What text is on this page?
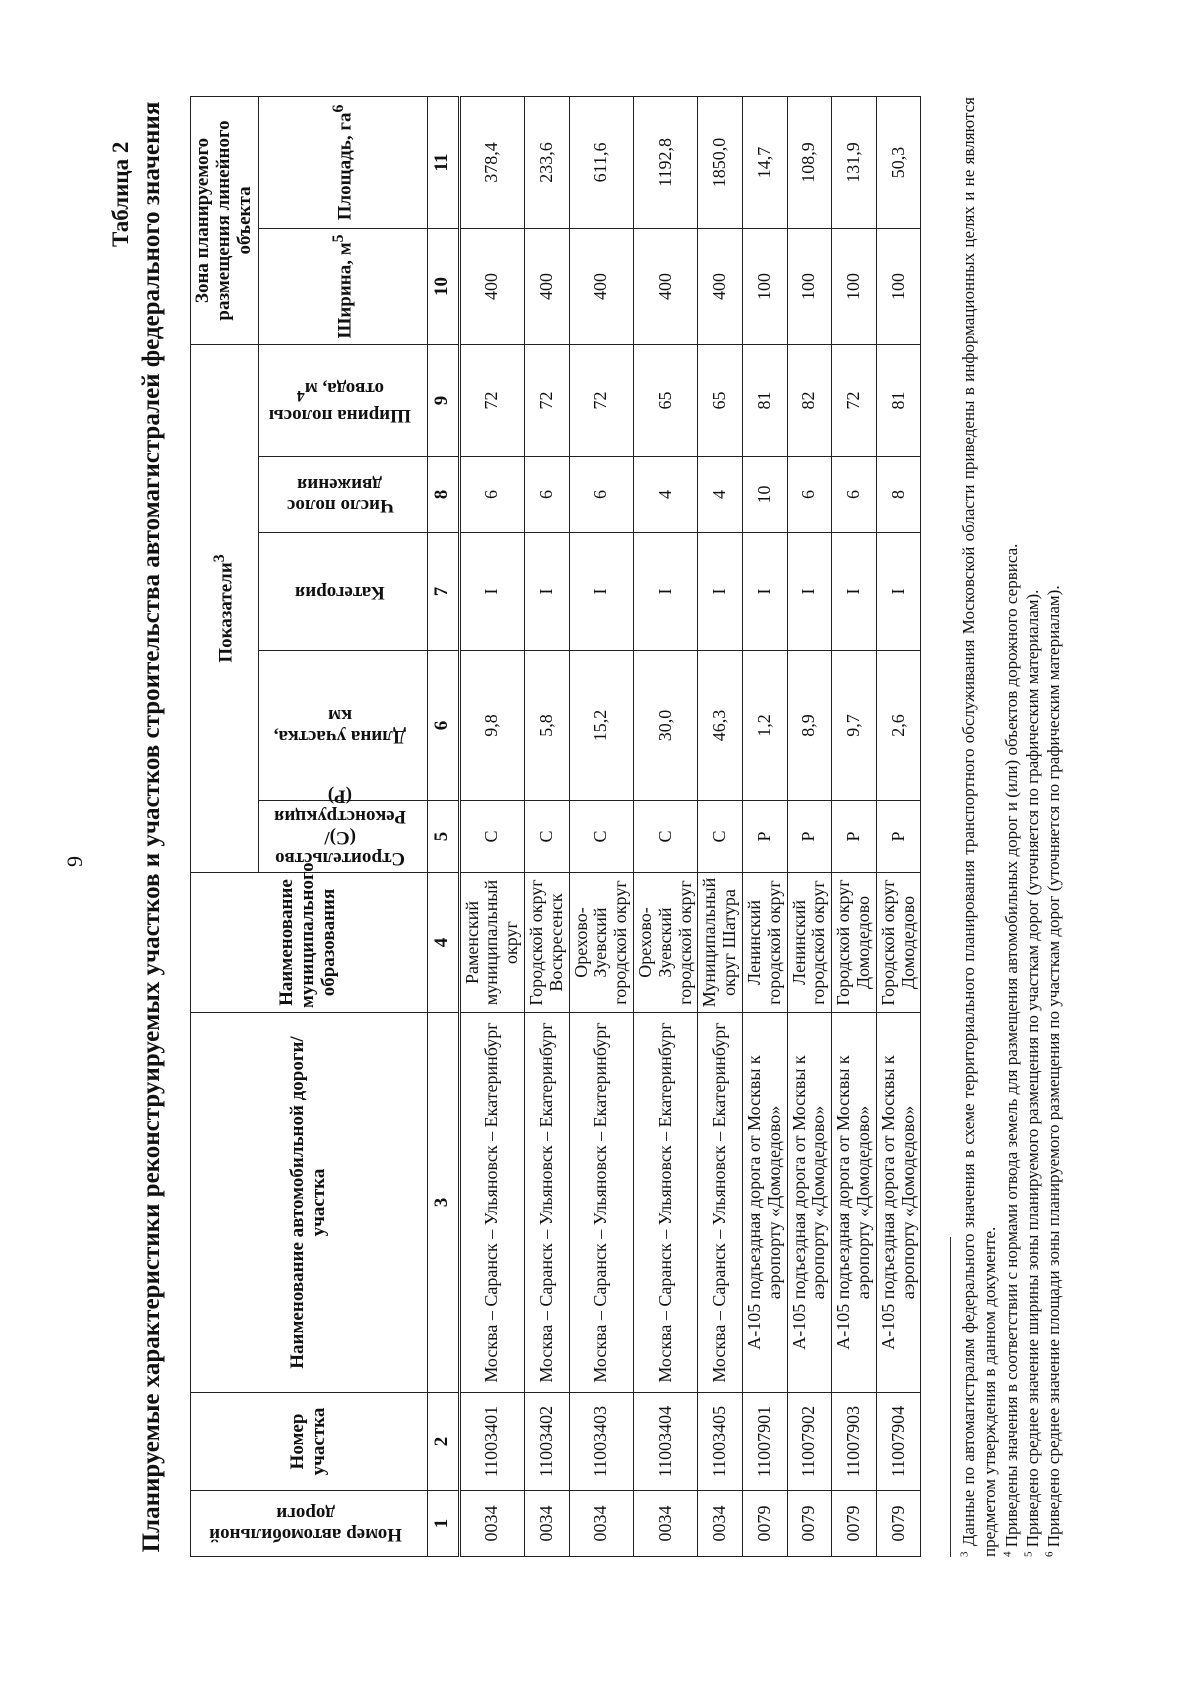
9
Таблица 2 Планируемые характеристики реконструируемых участков и участков строительства автомагистралей федерального значения Номер автомобильной дороги	Номер участка	Наименование автомобильной дороги/участка	Наименование муниципального образования	Показатели$^3$					Зона планируемого размещения линейного объекта	
				Строительство (С)/ Реконструкция (Р)	Длина участка, км	Категория	Число полос движения	Ширина полосы отвода, $м^4$	Ширина, $м^5$	Площадь, $га^6$
1	2	3	4	5	6	7	8	9	10	11
0034	11003401	Москва – Саранск – Ульяновск – Екатеринбург	Раменский муниципальный округ	С	9,8	I	6	72	400	378,4
0034	11003402	Москва – Саранск – Ульяновск – Екатеринбург	Городской округ Воскресенск	С	5,8	I	6	72	400	233,6
0034	11003403	Москва – Саранск – Ульяновск – Екатеринбург	Орехово-Зуевский городской округ	С	15,2	I	6	72	400	611,6
0034	11003404	Москва – Саранск – Ульяновск – Екатеринбург	Орехово-Зуевский городской округ	С	30,0	I	4	65	400	1192,8
0034	11003405	Москва – Саранск – Ульяновск – Екатеринбург	Муниципальный округ Шатура	С	46,3	I	4	65	400	1850,0
0079	11007901	А-105 подъездная дорога от Москвы к аэропорту «Домодедово»	Ленинский городской округ	Р	1,2	I	10	81	100	14,7
0079	11007902	А-105 подъездная дорога от Москвы к аэропорту «Домодедово»	Ленинский городской округ	Р	8,9	I	6	82	100	108,9
0079	11007903	А-105 подъездная дорога от Москвы к аэропорту «Домодедово»	Городской округ Домодедово	Р	9,7	I	6	72	100	131,9
0079	11007904	А-105 подъездная дорога от Москвы к аэропорту «Домодедово»	Городской округ Домодедово	Р	2,6	I	8	81	100	50,3

$^3$ Данные по автомагистралям федерального значения в схеме территориального планирования транспортного обслуживания Московской области приведены в информационных целях и не являются предметом утверждения в данном документе. $^4$ Приведены значения в соответствии с нормами отвода земель для размещения автомобильных дорог и (или) объектов дорожного сервиса.

$^5$ Приведено среднее значение ширины зоны планируемого размещения по участкам дорог (уточняется по графическим материалам).

$^6$ Приведено среднее значение площади зоны планируемого размещения по участкам дорог (уточняется по графическим материалам).
